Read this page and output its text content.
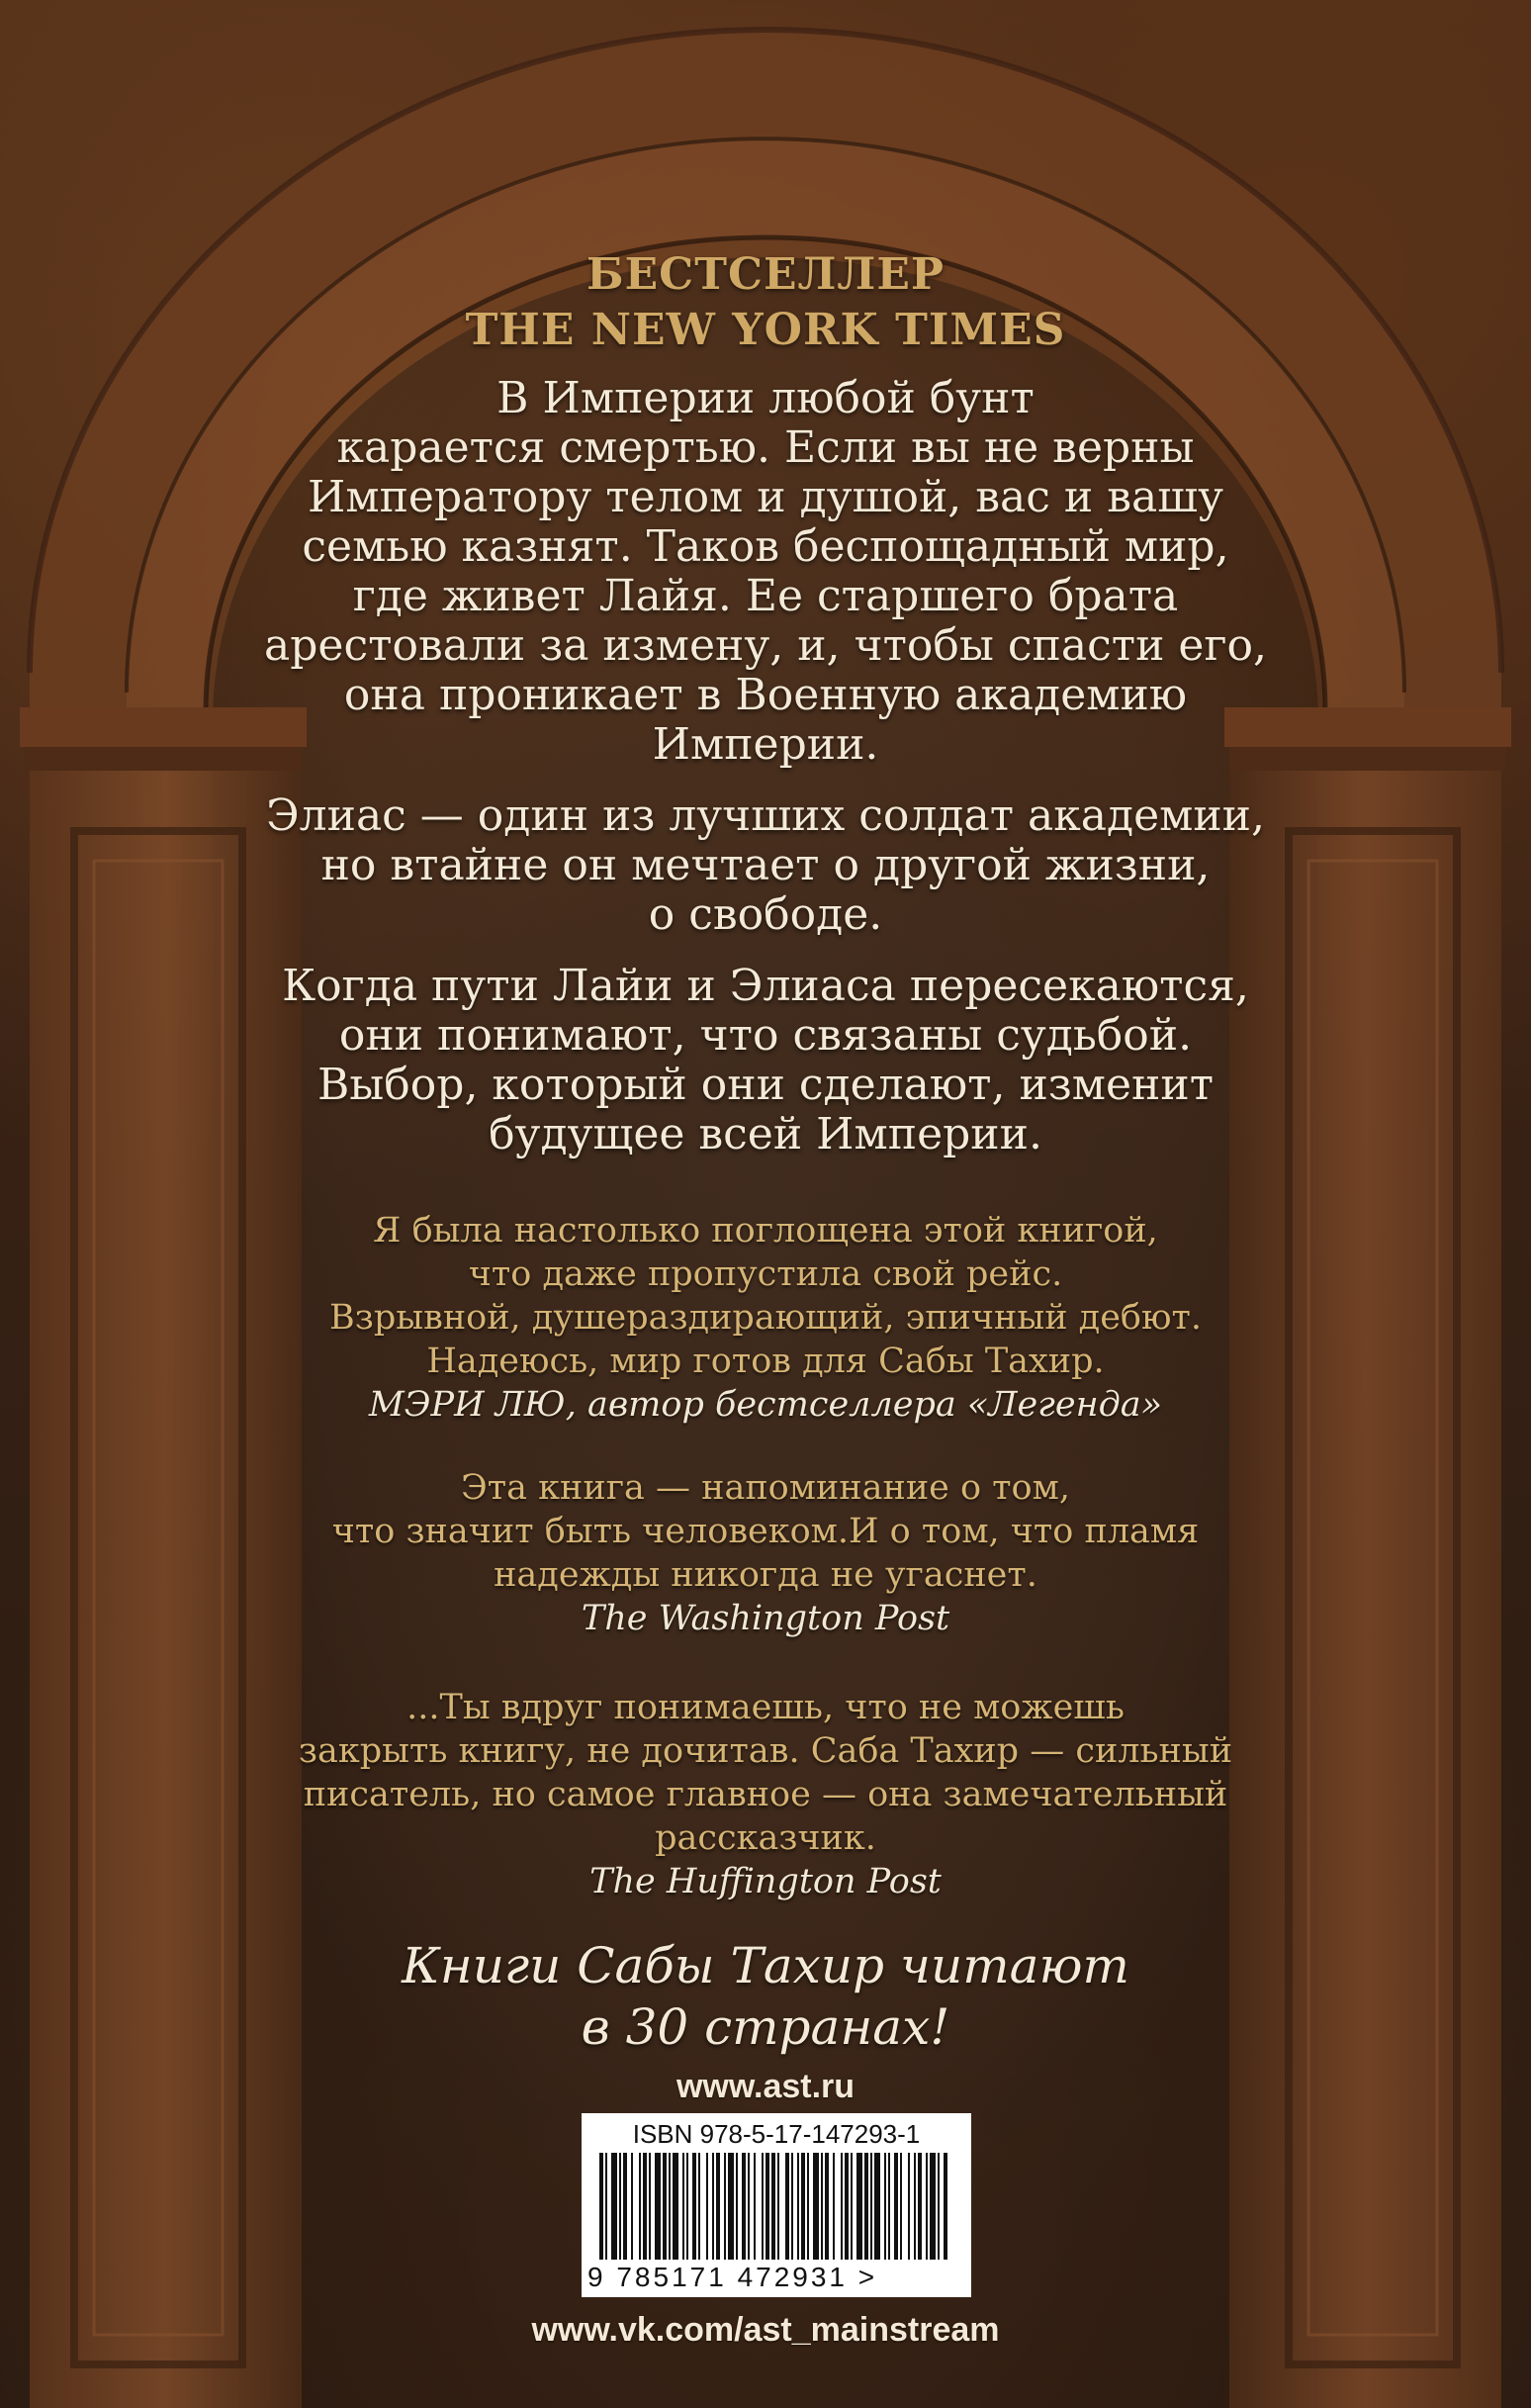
БЕСТСЕЛЛЕР
THE NEW YORK TIMES
В Империи любой бунт
карается смертью. Если вы не верны
Императору телом и душой, вас и вашу
семью казнят. Таков беспощадный мир,
где живет Лайя. Ее старшего брата
арестовали за измену, и, чтобы спасти его,
она проникает в Военную академию
Империи.
Элиас — один из лучших солдат академии,
но втайне он мечтает о другой жизни,
о свободе.
Когда пути Лайи и Элиаса пересекаются,
они понимают, что связаны судьбой.
Выбор, который они сделают, изменит
будущее всей Империи.
Я была настолько поглощена этой книгой,
что даже пропустила свой рейс.
Взрывной, душераздирающий, эпичный дебют.
Надеюсь, мир готов для Сабы Тахир.
МЭРИ ЛЮ, автор бестселлера «Легенда»
Эта книга — напоминание о том,
что значит быть человеком.И о том, что пламя
надежды никогда не угаснет.
The Washington Post
...Ты вдруг понимаешь, что не можешь
закрыть книгу, не дочитав. Саба Тахир — сильный
писатель, но самое главное — она замечательный
рассказчик.
The Huffington Post
Книги Сабы Тахир читают
в 30 странах!
www.ast.ru
ISBN 978-5-17-147293-1
9 785171 472931 >
www.vk.com/ast_mainstream
